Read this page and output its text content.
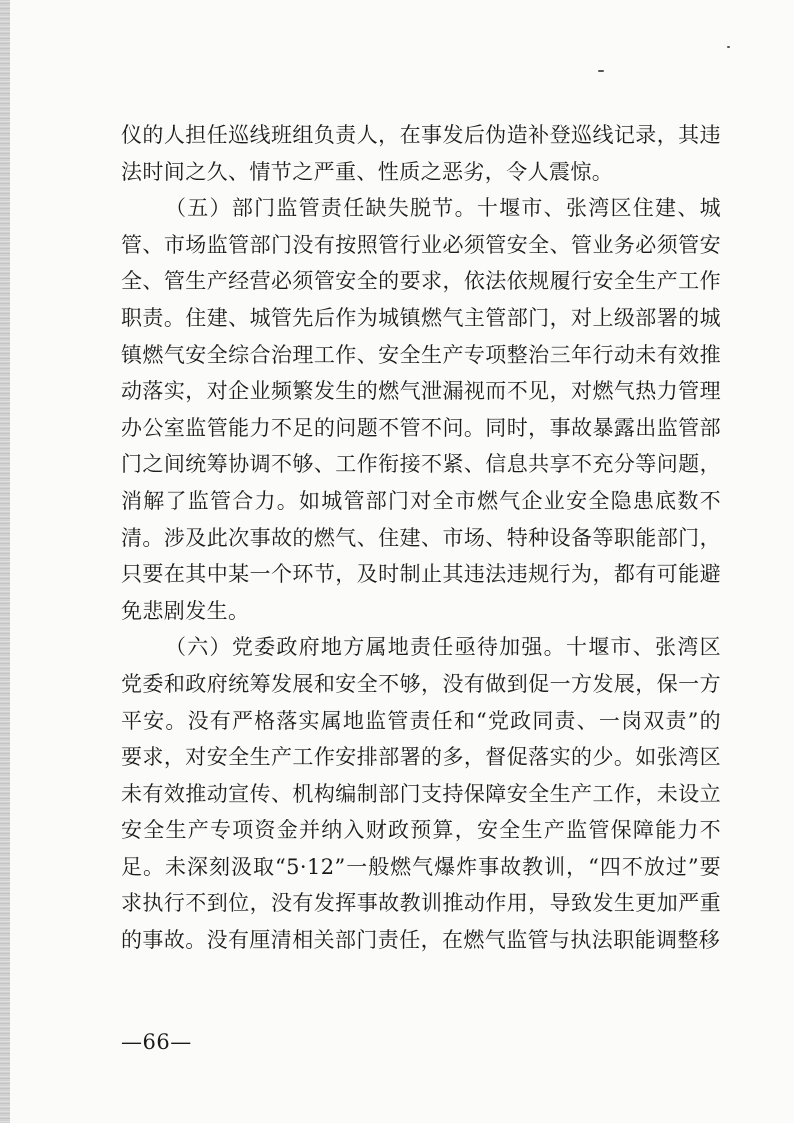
仪的人担任巡线班组负责人，在事发后伪造补登巡线记录，其违法时间之久、情节之严重、性质之恶劣，令人震惊。

（五）部门监管责任缺失脱节。十堰市、张湾区住建、城管、市场监管部门没有按照管行业必须管安全、管业务必须管安全、管生产经营必须管安全的要求，依法依规履行安全生产工作职责。住建、城管先后作为城镇燃气主管部门，对上级部署的城镇燃气安全综合治理工作、安全生产专项整治三年行动未有效推动落实，对企业频繁发生的燃气泄漏视而不见，对燃气热力管理办公室监管能力不足的问题不管不问。同时，事故暴露出监管部门之间统筹协调不够、工作衔接不紧、信息共享不充分等问题，消解了监管合力。如城管部门对全市燃气企业安全隐患底数不清。涉及此次事故的燃气、住建、市场、特种设备等职能部门，只要在其中某一个环节，及时制止其违法违规行为，都有可能避免悲剧发生。

（六）党委政府地方属地责任亟待加强。十堰市、张湾区党委和政府统筹发展和安全不够，没有做到促一方发展，保一方平安。没有严格落实属地监管责任和“党政同责、一岗双责”的要求，对安全生产工作安排部署的多，督促落实的少。如张湾区未有效推动宣传、机构编制部门支持保障安全生产工作，未设立安全生产专项资金并纳入财政预算，安全生产监管保障能力不足。未深刻汲取“5·12”一般燃气爆炸事故教训，“四不放过”要求执行不到位，没有发挥事故教训推动作用，导致发生更加严重的事故。没有厘清相关部门责任，在燃气监管与执法职能调整移

—66—
